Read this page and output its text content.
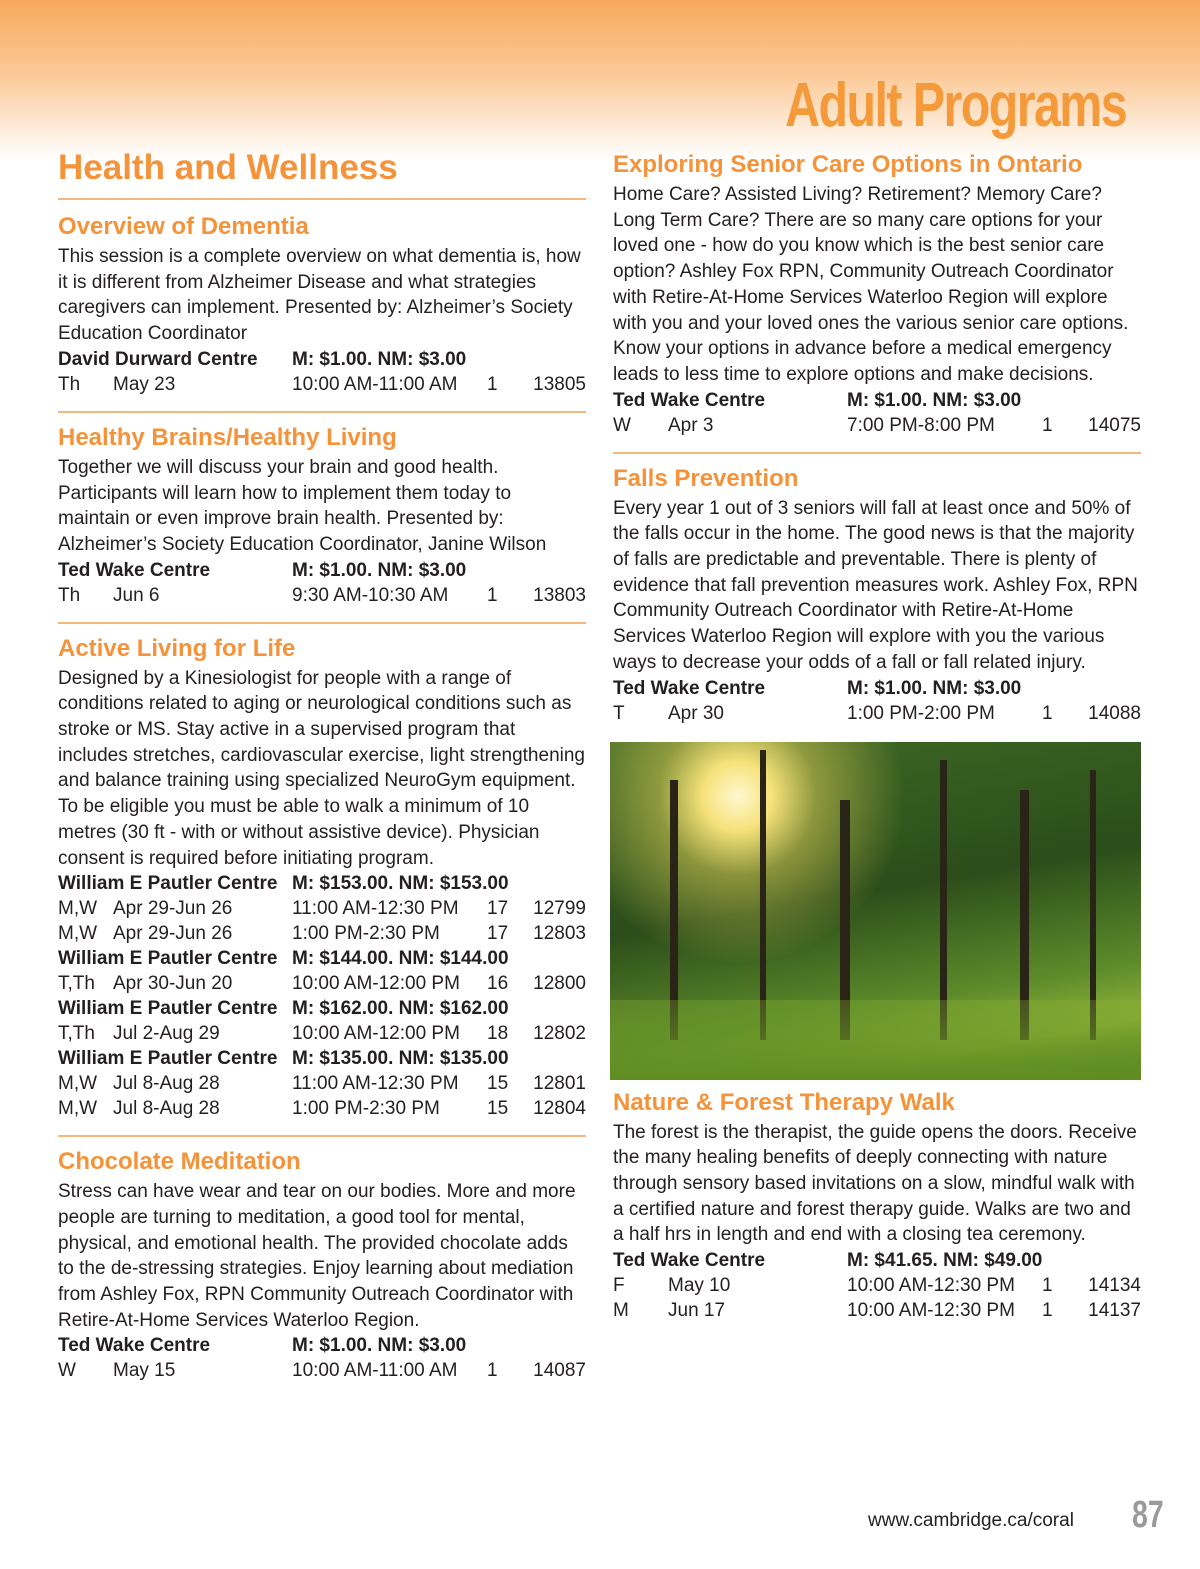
Adult Programs
Health and Wellness
Overview of Dementia

This session is a complete overview on what dementia is, how it is different from Alzheimer Disease and what strategies caregivers can implement. Presented by: Alzheimer’s Society Education Coordinator

David Durward Centre	M: $1.00. NM: $3.00
Th	May 23	10:00 AM-11:00 AM	1	13805
Healthy Brains/Healthy Living

Together we will discuss your brain and good health. Participants will learn how to implement them today to maintain or even improve brain health. Presented by: Alzheimer’s Society Education Coordinator, Janine Wilson

Ted Wake Centre	M: $1.00. NM: $3.00
Th	Jun 6	9:30 AM-10:30 AM	1	13803
Active Living for Life

Designed by a Kinesiologist for people with a range of conditions related to aging or neurological conditions such as stroke or MS. Stay active in a supervised program that includes stretches, cardiovascular exercise, light strengthening and balance training using specialized NeuroGym equipment. To be eligible you must be able to walk a minimum of 10 metres (30 ft - with or without assistive device). Physician consent is required before initiating program.

William E Pautler Centre M: $153.00. NM: $153.00
M,W Apr 29-Jun 26	11:00 AM-12:30 PM	17	12799
M,W Apr 29-Jun 26	1:00 PM-2:30 PM	17	12803
William E Pautler Centre M: $144.00. NM: $144.00
T,Th Apr 30-Jun 20	10:00 AM-12:00 PM	16	12800
William E Pautler Centre M: $162.00. NM: $162.00
T,Th Jul 2-Aug 29	10:00 AM-12:00 PM	18	12802
William E Pautler Centre M: $135.00. NM: $135.00
M,W Jul 8-Aug 28	11:00 AM-12:30 PM	15	12801
M,W Jul 8-Aug 28	1:00 PM-2:30 PM	15	12804
Chocolate Meditation

Stress can have wear and tear on our bodies. More and more people are turning to meditation, a good tool for mental, physical, and emotional health. The provided chocolate adds to the de-stressing strategies. Enjoy learning about mediation from Ashley Fox, RPN Community Outreach Coordinator with Retire-At-Home Services Waterloo Region.

Ted Wake Centre	M: $1.00. NM: $3.00
W	May 15	10:00 AM-11:00 AM	1	14087
Exploring Senior Care Options in Ontario

Home Care? Assisted Living? Retirement? Memory Care? Long Term Care? There are so many care options for your loved one - how do you know which is the best senior care option? Ashley Fox RPN, Community Outreach Coordinator with Retire-At-Home Services Waterloo Region will explore with you and your loved ones the various senior care options. Know your options in advance before a medical emergency leads to less time to explore options and make decisions.

Ted Wake Centre	M: $1.00. NM: $3.00
W	Apr 3	7:00 PM-8:00 PM	1	14075
Falls Prevention

Every year 1 out of 3 seniors will fall at least once and 50% of the falls occur in the home. The good news is that the majority of falls are predictable and preventable. There is plenty of evidence that fall prevention measures work. Ashley Fox, RPN Community Outreach Coordinator with Retire-At-Home Services Waterloo Region will explore with you the various ways to decrease your odds of a fall or fall related injury.

Ted Wake Centre	M: $1.00. NM: $3.00
T	Apr 30	1:00 PM-2:00 PM	1	14088
Nature & Forest Therapy Walk

The forest is the therapist, the guide opens the doors. Receive the many healing benefits of deeply connecting with nature through sensory based invitations on a slow, mindful walk with a certified nature and forest therapy guide. Walks are two and a half hrs in length and end with a closing tea ceremony.

Ted Wake Centre	M: $41.65. NM: $49.00
F	May 10	10:00 AM-12:30 PM	1	14134
M	Jun 17	10:00 AM-12:30 PM	1	14137
www.cambridge.ca/coral 87
